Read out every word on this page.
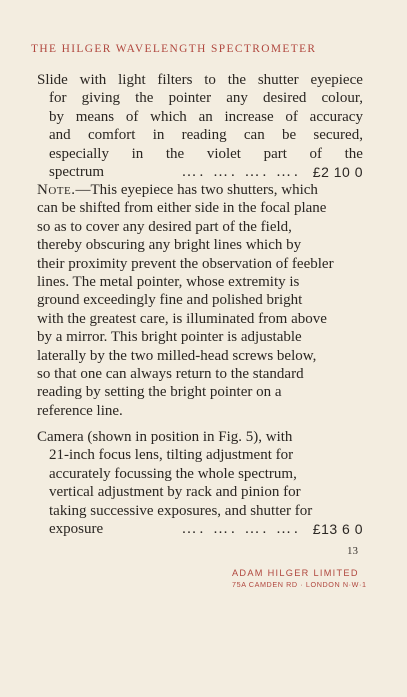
THE HILGER WAVELENGTH SPECTROMETER
Slide with light filters to the shutter eyepiece
for giving the pointer any desired colour,
by means of which an increase of accuracy
and comfort in reading can be secured,
especially in the violet part of the
spectrum	…. …. …. …. £2 10 0
Note. —This eyepiece has two shutters, which
can be shifted from either side in the focal plane
so as to cover any desired part of the field,
thereby obscuring any bright lines which by
their proximity prevent the observation of feebler
lines. The metal pointer, whose extremity is
ground exceedingly fine and polished bright
with the greatest care, is illuminated from above
by a mirror. This bright pointer is adjustable
laterally by the two milled-head screws below,
so that one can always return to the standard
reading by setting the bright pointer on a
reference line.
Camera (shown in position in Fig. 5), with
21-inch focus lens, tilting adjustment for
accurately focussing the whole spectrum,
vertical adjustment by rack and pinion for
taking successive exposures, and shutter for
exposure	…. …. …. …. £13 6 0
13
ADAM HILGER LIMITED
75A CAMDEN RD · LONDON N·W·1
